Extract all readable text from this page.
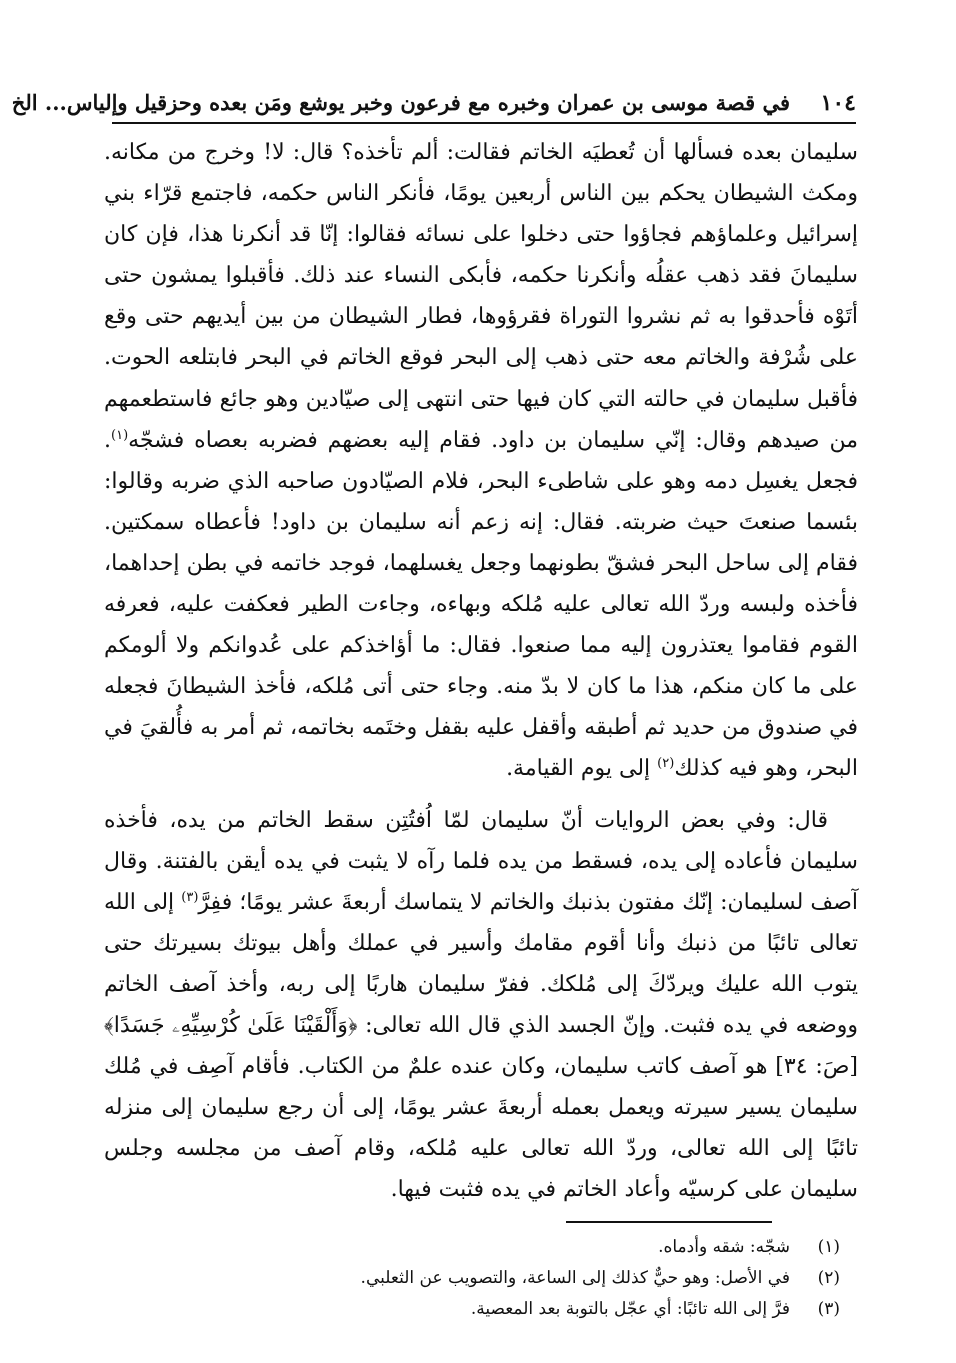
١٠٤
في قصة موسى بن عمران وخبره مع فرعون وخبر يوشع ومَن بعده وحزقيل وإلياس... الخ

سليمان بعده فسألها أن تُعطيَه الخاتم فقالت: ألم تأخذه؟ قال: لا! وخرج من مكانه. ومكث الشيطان يحكم بين الناس أربعين يومًا، فأنكر الناس حكمه، فاجتمع قرّاء بني إسرائيل وعلماؤهم فجاؤوا حتى دخلوا على نسائه فقالوا: إنّا قد أنكرنا هذا، فإن كان سليمانَ فقد ذهب عقلُه وأنكرنا حكمه، فأبكى النساء عند ذلك. فأقبلوا يمشون حتى أتَوْه فأحدقوا به ثم نشروا التوراة فقرؤوها، فطار الشيطان من بين أيديهم حتى وقع على شُرْفة والخاتم معه حتى ذهب إلى البحر فوقع الخاتم في البحر فابتلعه الحوت. فأقبل سليمان في حالته التي كان فيها حتى انتهى إلى صيّادين وهو جائع فاستطعمهم من صيدهم وقال: إنّي سليمان بن داود. فقام إليه بعضهم فضربه بعصاه فشجّه$^{(١)}$. فجعل يغسِل دمه وهو على شاطىء البحر، فلام الصيّادون صاحبه الذي ضربه وقالوا: بئسما صنعتَ حيث ضربته. فقال: إنه زعم أنه سليمان بن داود! فأعطاه سمكتين. فقام إلى ساحل البحر فشقّ بطونهما وجعل يغسلهما، فوجد خاتمه في بطن إحداهما، فأخذه ولبسه وردّ الله تعالى عليه مُلكه وبهاءه، وجاءت الطير فعكفت عليه، فعرفه القوم فقاموا يعتذرون إليه مما صنعوا. فقال: ما أؤاخذكم على عُدوانكم ولا ألومكم على ما كان منكم، هذا ما كان لا بدّ منه. وجاء حتى أتى مُلكه، فأخذ الشيطانَ فجعله في صندوق من حديد ثم أطبقه وأقفل عليه بقفل وختَمه بخاتمه، ثم أمر به فأُلقيَ في البحر، وهو فيه كذلك$^{(٢)}$ إلى يوم القيامة.

قال: وفي بعض الروايات أنّ سليمان لمّا اُفتُتِن سقط الخاتم من يده، فأخذه سليمان فأعاده إلى يده، فسقط من يده فلما رآه لا يثبت في يده أيقن بالفتنة. وقال آصف لسليمان: إنّك مفتون بذنبك والخاتم لا يتماسك أربعةَ عشر يومًا؛ ففِرَّ$^{(٣)}$ إلى الله تعالى تائبًا من ذنبك وأنا أقوم مقامك وأسير في عملك وأهل بيوتك بسيرتك حتى يتوب الله عليك ويردّكَ إلى مُلكك. ففرّ سليمان هاربًا إلى ربه، وأخذ آصف الخاتم ووضعه في يده فثبت. وإنّ الجسد الذي قال الله تعالى: ﴿وَأَلْقَيْنَا عَلَىٰ كُرْسِيِّهِۦ جَسَدًا﴾ [صَ: ٣٤] هو آصف كاتب سليمان، وكان عنده علمٌ من الكتاب. فأقام آصِف في مُلك سليمان يسير سيرته ويعمل بعمله أربعةَ عشر يومًا، إلى أن رجع سليمان إلى منزله تائبًا إلى الله تعالى، وردّ الله تعالى عليه مُلكه، وقام آصف من مجلسه وجلس سليمان على كرسيّه وأعاد الخاتم في يده فثبت فيها.

(١)شجّه: شقه وأدماه.
(٢)في الأصل: وهو حيٌّ كذلك إلى الساعة، والتصويب عن الثعلبي.
(٣)فرَّ إلى الله تائبًا: أي عجّل بالتوبة بعد المعصية.
